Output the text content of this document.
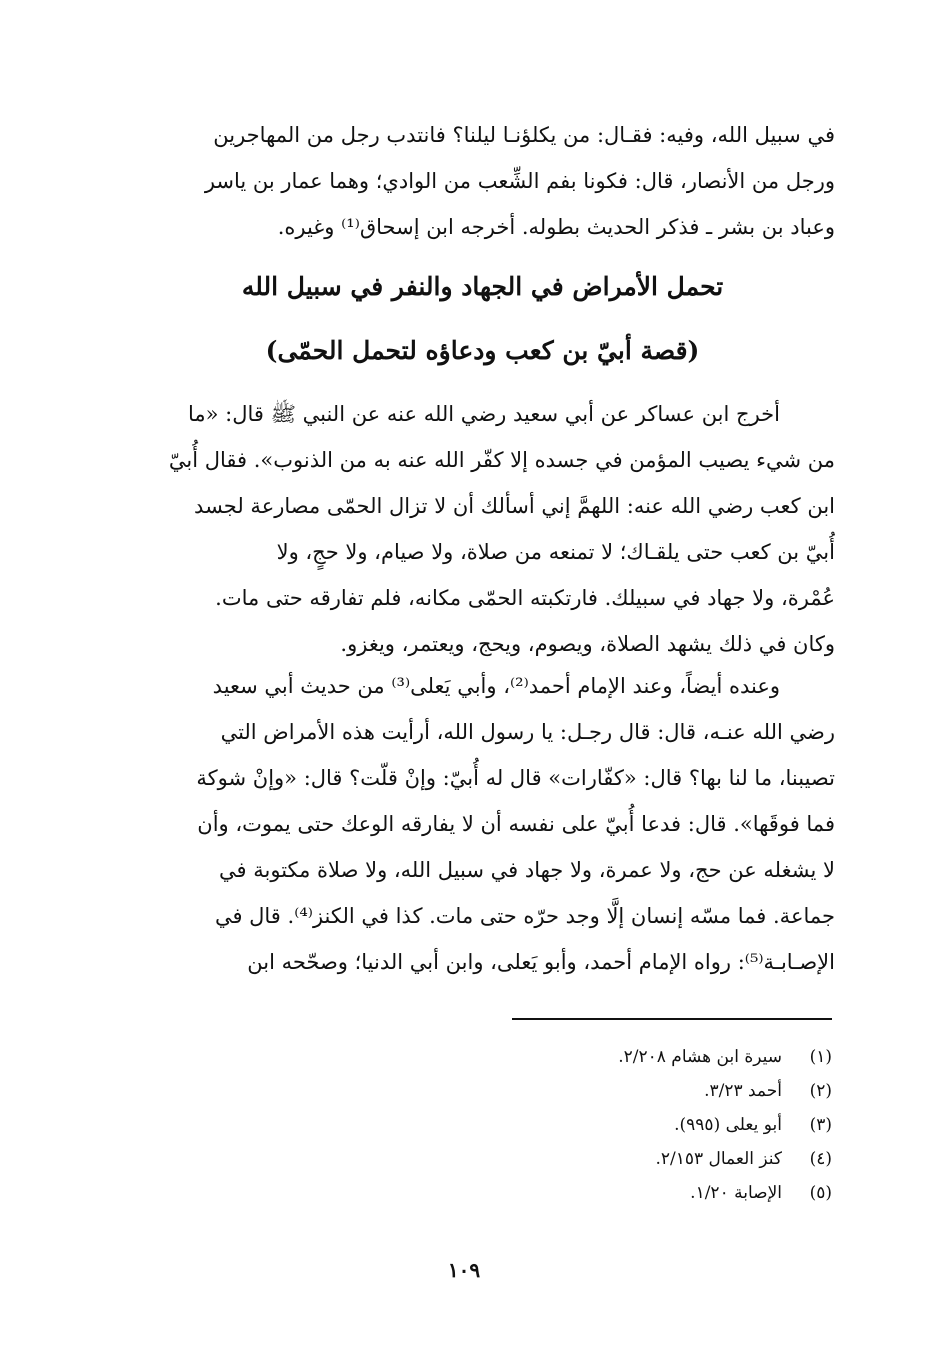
في سبيل الله، وفيه: فقـال: من يكلؤنـا ليلنا؟ فانتدب رجل من المهاجرين
ورجل من الأنصار، قال: فكونا بفم الشِّعب من الوادي؛ وهما عمار بن ياسر
وعباد بن بشر ـ فذكر الحديث بطوله. أخرجه ابن إسحاق⁽¹⁾ وغيره.
تحمل الأمراض في الجهاد والنفر في سبيل الله
(قصة أبيّ بن كعب ودعاؤه لتحمل الحمّى)
أخرج ابن عساكر عن أبي سعيد رضي الله عنه عن النبي ﷺ قال: «ما
من شيء يصيب المؤمن في جسده إلا كفّر الله عنه به من الذنوب». فقال أُبيّ
ابن كعب رضي الله عنه: اللهمَّ إني أسألك أن لا تزال الحمّى مصارعة لجسد
أُبيّ بن كعب حتى يلقـاك؛ لا تمنعه من صلاة، ولا صيام، ولا حجٍ، ولا
عُمْرة، ولا جهاد في سبيلك. فارتكبته الحمّى مكانه، فلم تفارقه حتى مات.
وكان في ذلك يشهد الصلاة، ويصوم، ويحج، ويعتمر، ويغزو.
وعنده أيضاً، وعند الإمام أحمد⁽²⁾، وأبي يَعلى⁽³⁾ من حديث أبي سعيد
رضي الله عنـه، قال: قال رجـل: يا رسول الله، أرأيت هذه الأمراض التي
تصيبنا، ما لنا بها؟ قال: «كفّارات» قال له أُبيّ: وإنْ قلّت؟ قال: «وإنْ شوكة
فما فوقَها». قال: فدعا أُبيّ على نفسه أن لا يفارقه الوعك حتى يموت، وأن
لا يشغله عن حج، ولا عمرة، ولا جهاد في سبيل الله، ولا صلاة مكتوبة في
جماعة. فما مسّه إنسان إلَّا وجد حرّه حتى مات. كذا في الكنز⁽⁴⁾. قال في
الإصـابـة⁽⁵⁾: رواه الإمام أحمد، وأبو يَعلى، وابن أبي الدنيا؛ وصحّحه ابن
(١)
سيرة ابن هشام ٢/٢٠٨.
(٢)
أحمد ٣/٢٣.
(٣)
أبو يعلى (٩٩٥).
(٤)
كنز العمال ٢/١٥٣.
(٥)
الإصابة ١/٢٠.
١٠٩
